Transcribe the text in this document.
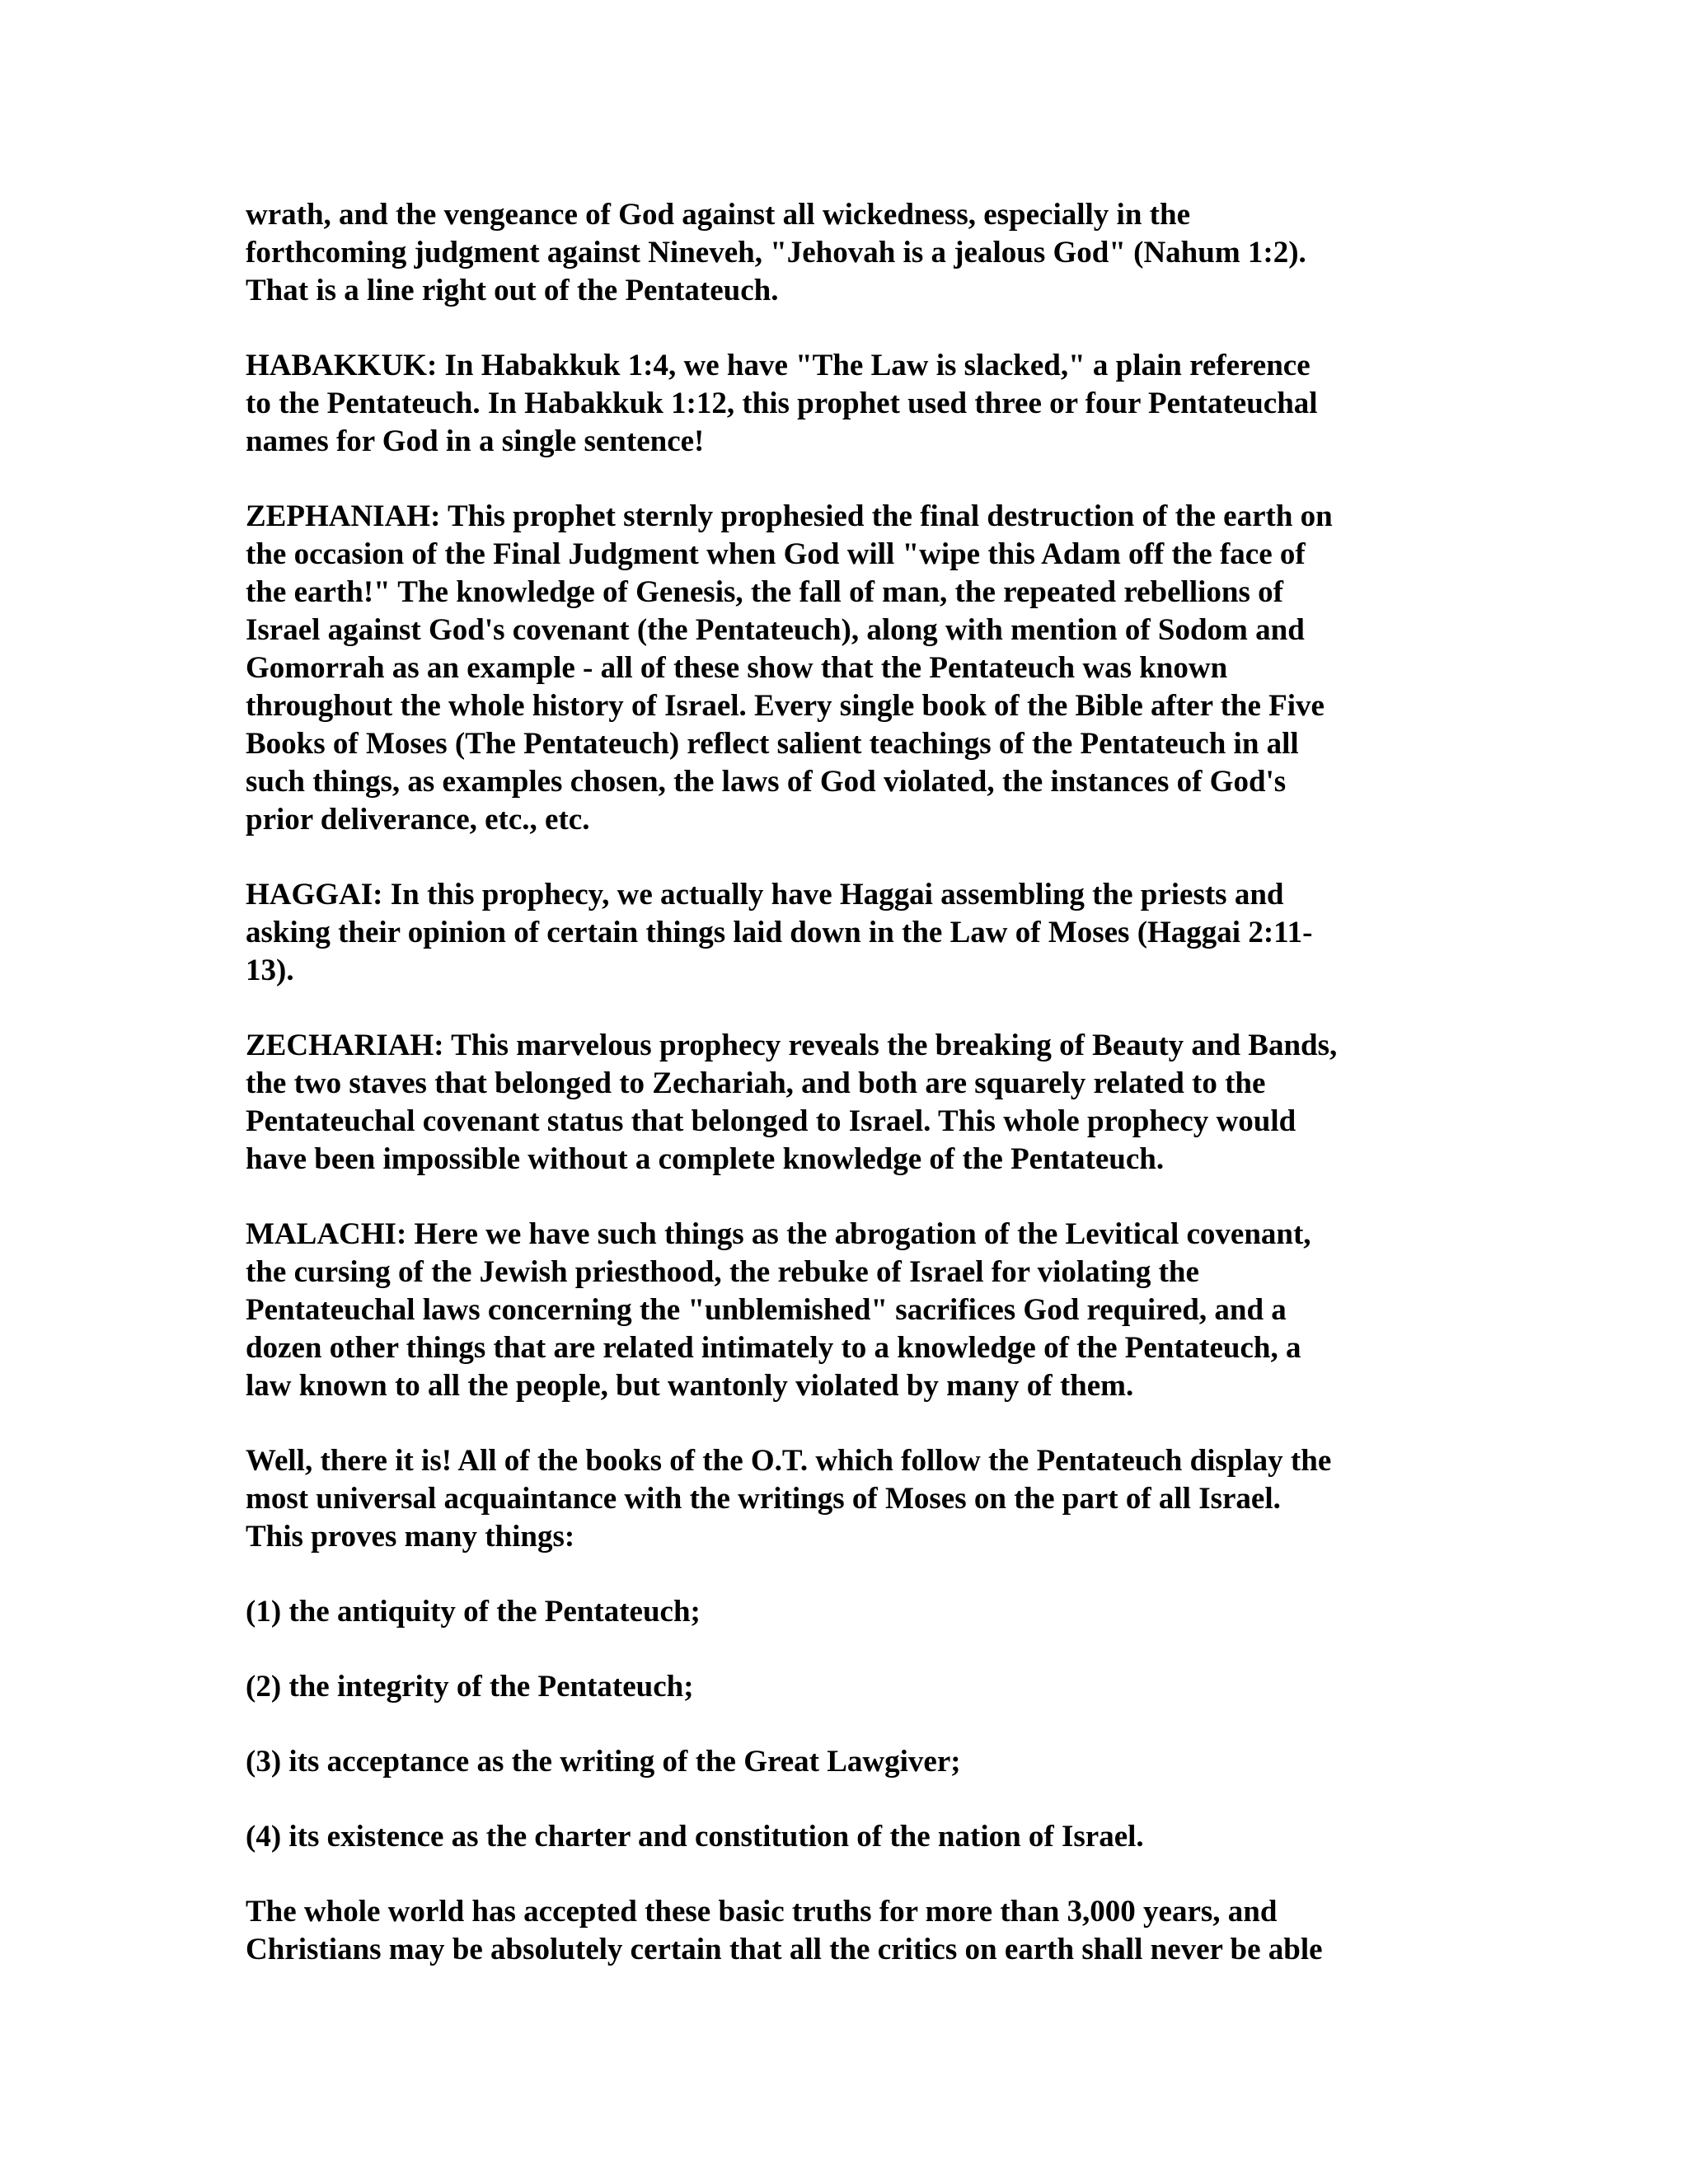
wrath, and the vengeance of God against all wickedness, especially in the
forthcoming judgment against Nineveh, "Jehovah is a jealous God" (Nahum 1:2).
That is a line right out of the Pentateuch.

HABAKKUK: In Habakkuk 1:4, we have "The Law is slacked," a plain reference
to the Pentateuch. In Habakkuk 1:12, this prophet used three or four Pentateuchal
names for God in a single sentence!

ZEPHANIAH: This prophet sternly prophesied the final destruction of the earth on
the occasion of the Final Judgment when God will "wipe this Adam off the face of
the earth!" The knowledge of Genesis, the fall of man, the repeated rebellions of
Israel against God's covenant (the Pentateuch), along with mention of Sodom and
Gomorrah as an example - all of these show that the Pentateuch was known
throughout the whole history of Israel. Every single book of the Bible after the Five
Books of Moses (The Pentateuch) reflect salient teachings of the Pentateuch in all
such things, as examples chosen, the laws of God violated, the instances of God's
prior deliverance, etc., etc.

HAGGAI: In this prophecy, we actually have Haggai assembling the priests and
asking their opinion of certain things laid down in the Law of Moses (Haggai 2:11-
13).

ZECHARIAH: This marvelous prophecy reveals the breaking of Beauty and Bands,
the two staves that belonged to Zechariah, and both are squarely related to the
Pentateuchal covenant status that belonged to Israel. This whole prophecy would
have been impossible without a complete knowledge of the Pentateuch.

MALACHI: Here we have such things as the abrogation of the Levitical covenant,
the cursing of the Jewish priesthood, the rebuke of Israel for violating the
Pentateuchal laws concerning the "unblemished" sacrifices God required, and a
dozen other things that are related intimately to a knowledge of the Pentateuch, a
law known to all the people, but wantonly violated by many of them.

Well, there it is! All of the books of the O.T. which follow the Pentateuch display the
most universal acquaintance with the writings of Moses on the part of all Israel.
This proves many things:

(1) the antiquity of the Pentateuch;

(2) the integrity of the Pentateuch;

(3) its acceptance as the writing of the Great Lawgiver;

(4) its existence as the charter and constitution of the nation of Israel.

The whole world has accepted these basic truths for more than 3,000 years, and
Christians may be absolutely certain that all the critics on earth shall never be able
